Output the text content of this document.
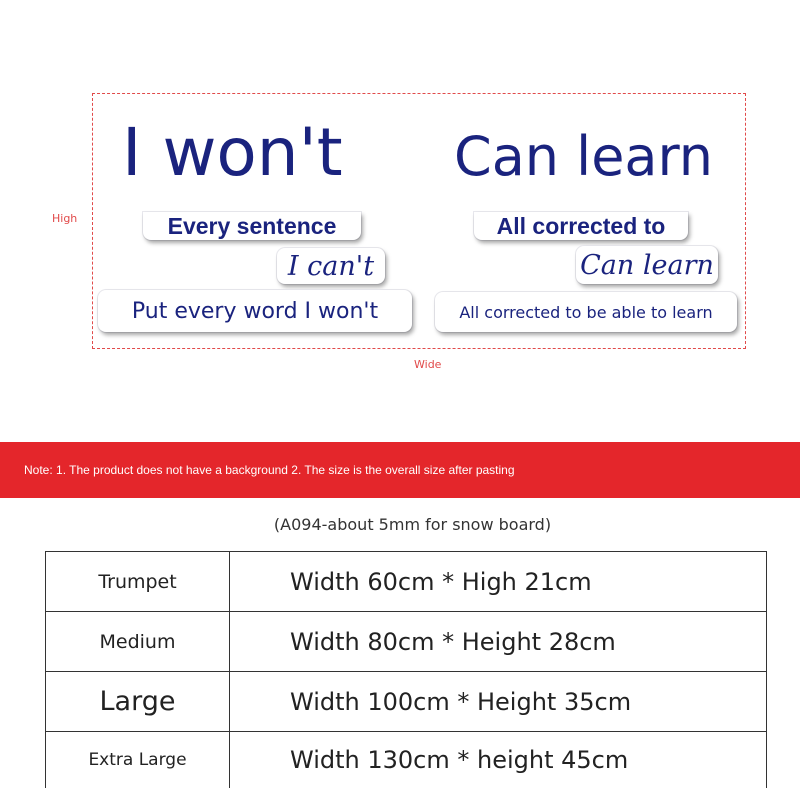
High
Wide
I won't Can learn
Every sentence
I can't
Put every word I won't
All corrected to
Can learn
All corrected to be able to learn
Note: 1. The product does not have a background 2. The size is the overall size after pasting
(A094-about 5mm for snow board)
Trumpet	Width 60cm * High 21cm
Medium	Width 80cm * Height 28cm
Large	Width 100cm * Height 35cm
Extra Large	Width 130cm * height 45cm
